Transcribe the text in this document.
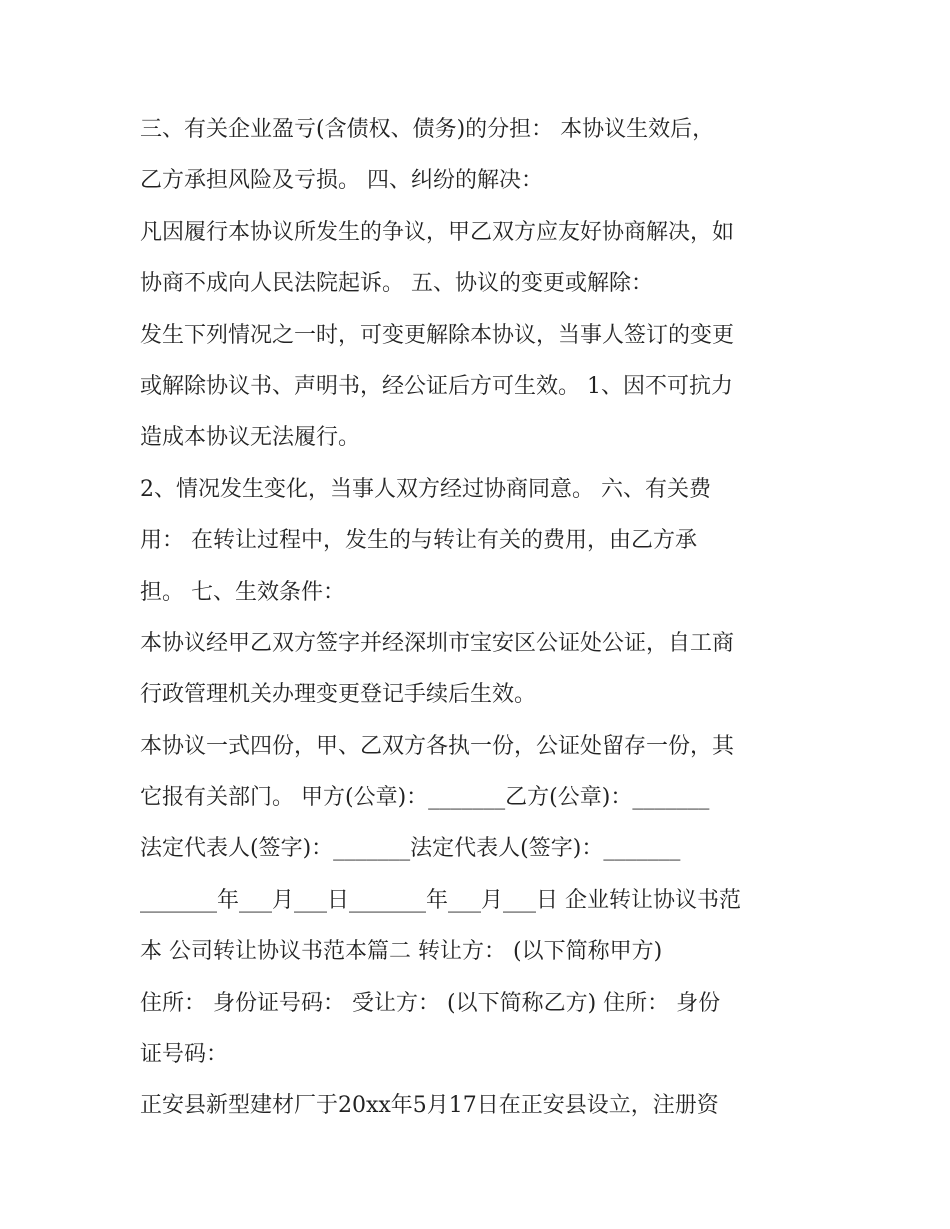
三、有关企业盈亏(含债权、债务)的分担： 本协议生效后，
乙方承担风险及亏损。 四、纠纷的解决：
凡因履行本协议所发生的争议，甲乙双方应友好协商解决，如
协商不成向人民法院起诉。 五、协议的变更或解除：
发生下列情况之一时，可变更解除本协议，当事人签订的变更
或解除协议书、声明书，经公证后方可生效。 1、因不可抗力
造成本协议无法履行。
2、情况发生变化，当事人双方经过协商同意。 六、有关费
用： 在转让过程中，发生的与转让有关的费用，由乙方承
担。 七、生效条件：
本协议经甲乙双方签字并经深圳市宝安区公证处公证，自工商
行政管理机关办理变更登记手续后生效。
本协议一式四份，甲、乙双方各执一份，公证处留存一份，其
它报有关部门。 甲方(公章)：_______乙方(公章)：_______
法定代表人(签字)：_______法定代表人(签字)：_______
_______年___月___日_______年___月___日 企业转让协议书范
本 公司转让协议书范本篇二 转让方： (以下简称甲方)
住所： 身份证号码： 受让方： (以下简称乙方) 住所： 身份
证号码：
正安县新型建材厂于20xx年5月17日在正安县设立，注册资
